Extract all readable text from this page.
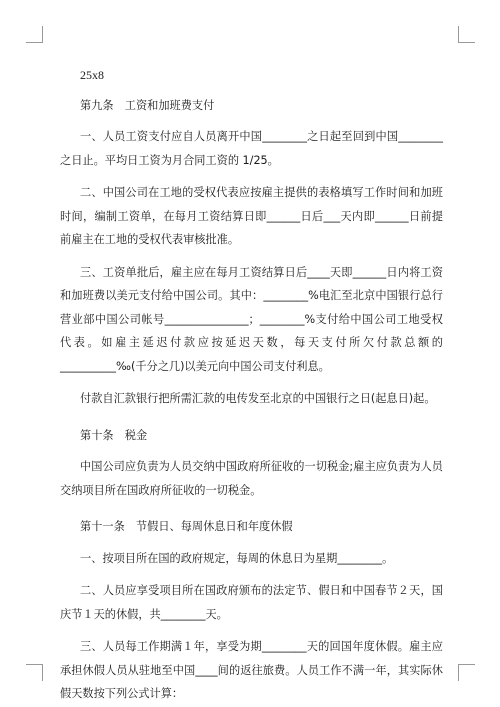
25x8

第九条　工资和加班费支付

一、人员工资支付应自人员离开中国________之日起至回到中国________之日止。平均日工资为月合同工资的 1/25。

二、中国公司在工地的受权代表应按雇主提供的表格填写工作时间和加班时间，编制工资单，在每月工资结算日即______日后___天内即______日前提前雇主在工地的受权代表审核批准。

三、工资单批后，雇主应在每月工资结算日后____天即______日内将工资和加班费以美元支付给中国公司。其中：________%电汇至北京中国银行总行营业部中国公司帐号_______________；________%支付给中国公司工地受权代表。如雇主延迟付款应按延迟天数，每天支付所欠付款总额的__________‰(千分之几)以美元向中国公司支付利息。

付款自汇款银行把所需汇款的电传发至北京的中国银行之日(起息日)起。

第十条　税金

中国公司应负责为人员交纳中国政府所征收的一切税金;雇主应负责为人员交纳项目所在国政府所征收的一切税金。

第十一条　节假日、每周休息日和年度休假

一、按项目所在国的政府规定，每周的休息日为星期________。

二、人员应享受项目所在国政府颁布的法定节、假日和中国春节２天，国庆节１天的休假，共________天。

三、人员每工作期满１年，享受为期________天的回国年度休假。雇主应承担休假人员从驻地至中国____间的返往旅费。人员工作不满一年，其实际休假天数按下列公式计算：
